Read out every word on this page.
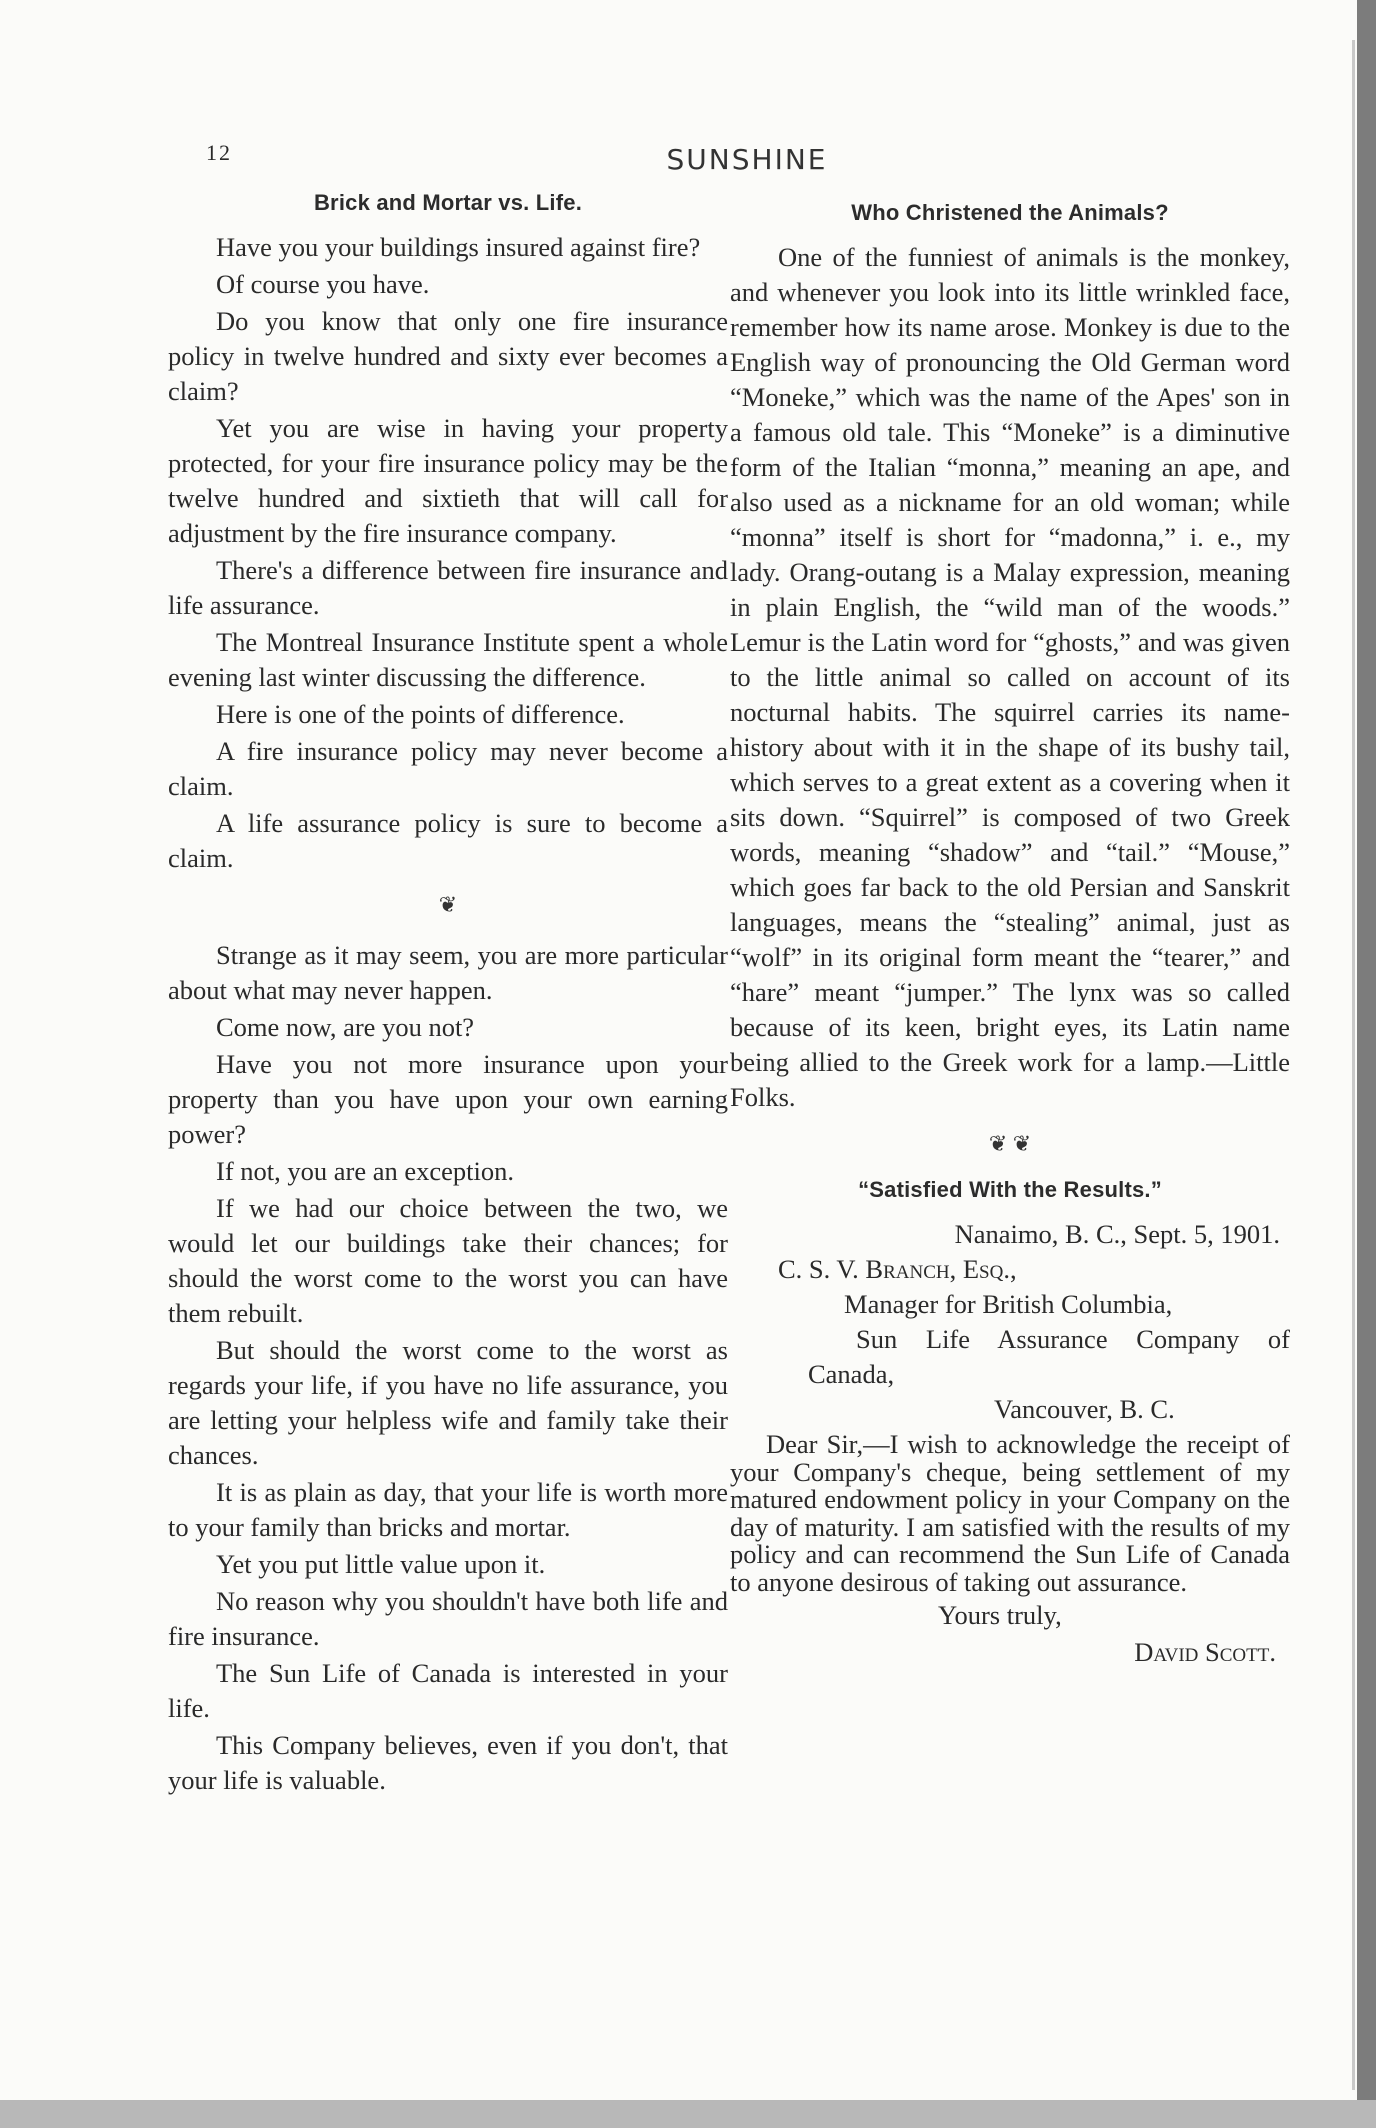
12	SUNSHINE
Brick and Mortar vs. Life.

Have you your buildings insured against fire?

Of course you have.

Do you know that only one fire insurance policy in twelve hundred and sixty ever becomes a claim?

Yet you are wise in having your property protected, for your fire insurance policy may be the twelve hundred and sixtieth that will call for adjustment by the fire insurance company.

There's a difference between fire insurance and life assurance.

The Montreal Insurance Institute spent a whole evening last winter discussing the difference.

Here is one of the points of difference.

A fire insurance policy may never become a claim.

A life assurance policy is sure to become a claim.

❦

Strange as it may seem, you are more particular about what may never happen.

Come now, are you not?

Have you not more insurance upon your property than you have upon your own earning power?

If not, you are an exception.

If we had our choice between the two, we would let our buildings take their chances; for should the worst come to the worst you can have them rebuilt.

But should the worst come to the worst as regards your life, if you have no life assurance, you are letting your helpless wife and family take their chances.

It is as plain as day, that your life is worth more to your family than bricks and mortar.

Yet you put little value upon it.

No reason why you shouldn't have both life and fire insurance.

The Sun Life of Canada is interested in your life.

This Company believes, even if you don't, that your life is valuable.

Who Christened the Animals?

One of the funniest of animals is the monkey, and whenever you look into its little wrinkled face, remember how its name arose. Monkey is due to the English way of pronouncing the Old German word “Moneke,” which was the name of the Apes' son in a famous old tale. This “Moneke” is a diminutive form of the Italian “monna,” meaning an ape, and also used as a nickname for an old woman; while “monna” itself is short for “madonna,” i. e., my lady. Orang-outang is a Malay expression, meaning in plain English, the “wild man of the woods.” Lemur is the Latin word for “ghosts,” and was given to the little animal so called on account of its nocturnal habits. The squirrel carries its name-history about with it in the shape of its bushy tail, which serves to a great extent as a covering when it sits down. “Squirrel” is composed of two Greek words, meaning “shadow” and “tail.” “Mouse,” which goes far back to the old Persian and Sanskrit languages, means the “stealing” animal, just as “wolf” in its original form meant the “tearer,” and “hare” meant “jumper.” The lynx was so called because of its keen, bright eyes, its Latin name being allied to the Greek work for a lamp.—Little Folks.

❦ ❦
“Satisfied With the Results.”

Nanaimo, B. C., Sept. 5, 1901.

C. S. V. Branch, Esq.,

Manager for British Columbia,

Sun Life Assurance Company of Canada,

Vancouver, B. C.

Dear Sir,—I wish to acknowledge the receipt of your Company's cheque, being settlement of my matured endowment policy in your Company on the day of maturity. I am satisfied with the results of my policy and can recommend the Sun Life of Canada to anyone desirous of taking out assurance.

Yours truly,

David Scott.
